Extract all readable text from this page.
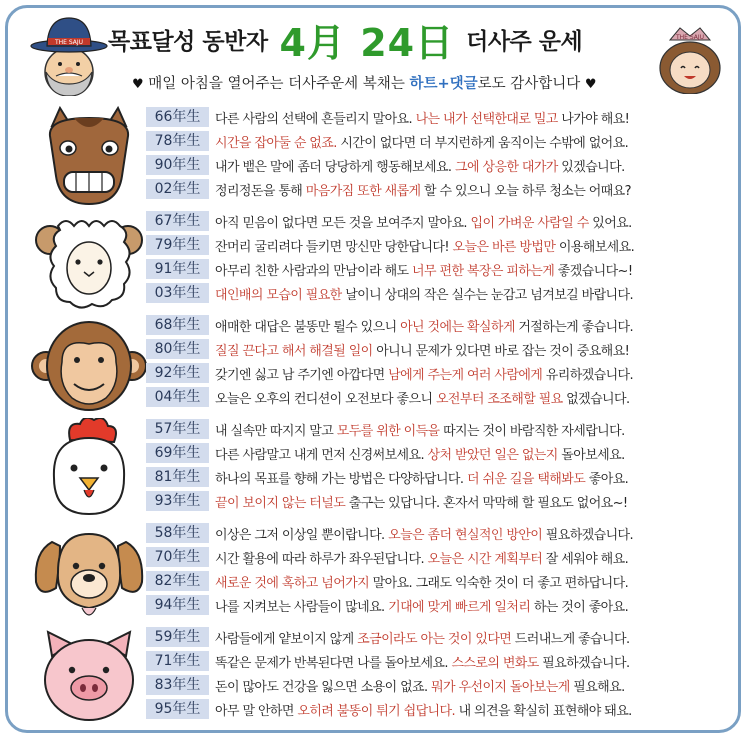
THE SAJU 목표달성 동반자 4月 24日 더사주 운세	THE SAJU
♥ 매일 아침을 열어주는 더사주운세 복채는 하트+댓글로도 감사합니다 ♥
66年生	다른 사람의 선택에 흔들리지 말아요. 나는 내가 선택한대로 밀고 나가야 해요!
78年生	시간을 잡아둘 순 없죠. 시간이 없다면 더 부지런하게 움직이는 수밖에 없어요.
90年生	내가 뱉은 말에 좀더 당당하게 행동해보세요. 그에 상응한 대가가 있겠습니다.
02年生	정리정돈을 통해 마음가짐 또한 새롭게 할 수 있으니 오늘 하루 청소는 어때요?
67年生	아직 믿음이 없다면 모든 것을 보여주지 말아요. 입이 가벼운 사람일 수 있어요.
79年生	잔머리 굴리려다 들키면 망신만 당한답니다! 오늘은 바른 방법만 이용해보세요.
91年生	아무리 친한 사람과의 만남이라 해도 너무 편한 복장은 피하는게 좋겠습니다~!
03年生	대인배의 모습이 필요한 날이니 상대의 작은 실수는 눈감고 넘겨보길 바랍니다.
68年生	애매한 대답은 불똥만 튈수 있으니 아닌 것에는 확실하게 거절하는게 좋습니다.
80年生	질질 끈다고 해서 해결될 일이 아니니 문제가 있다면 바로 잡는 것이 중요해요!
92年生	갖기엔 싫고 남 주기엔 아깝다면 남에게 주는게 여러 사람에게 유리하겠습니다.
04年生	오늘은 오후의 컨디션이 오전보다 좋으니 오전부터 조조해할 필요 없겠습니다.
57年生	내 실속만 따지지 말고 모두를 위한 이득을 따지는 것이 바람직한 자세랍니다.
69年生	다른 사람말고 내게 먼저 신경써보세요. 상처 받았던 일은 없는지 돌아보세요.
81年生	하나의 목표를 향해 가는 방법은 다양하답니다. 더 쉬운 길을 택해봐도 좋아요.
93年生	끝이 보이지 않는 터널도 출구는 있답니다. 혼자서 막막해 할 필요도 없어요~!
58年生	이상은 그저 이상일 뿐이랍니다. 오늘은 좀더 현실적인 방안이 필요하겠습니다.
70年生	시간 활용에 따라 하루가 좌우된답니다. 오늘은 시간 계획부터 잘 세워야 해요.
82年生	새로운 것에 혹하고 넘어가지 말아요. 그래도 익숙한 것이 더 좋고 편하답니다.
94年生	나를 지켜보는 사람들이 많네요. 기대에 맞게 빠르게 일처리 하는 것이 좋아요.
59年生	사람들에게 얕보이지 않게 조금이라도 아는 것이 있다면 드러내느게 좋습니다.
71年生	똑같은 문제가 반복된다면 나를 돌아보세요. 스스로의 변화도 필요하겠습니다.
83年生	돈이 많아도 건강을 잃으면 소용이 없죠. 뭐가 우선이지 돌아보는게 필요해요.
95年生	아무 말 안하면 오히려 불똥이 튀기 쉽답니다. 내 의견을 확실히 표현해야 돼요.
